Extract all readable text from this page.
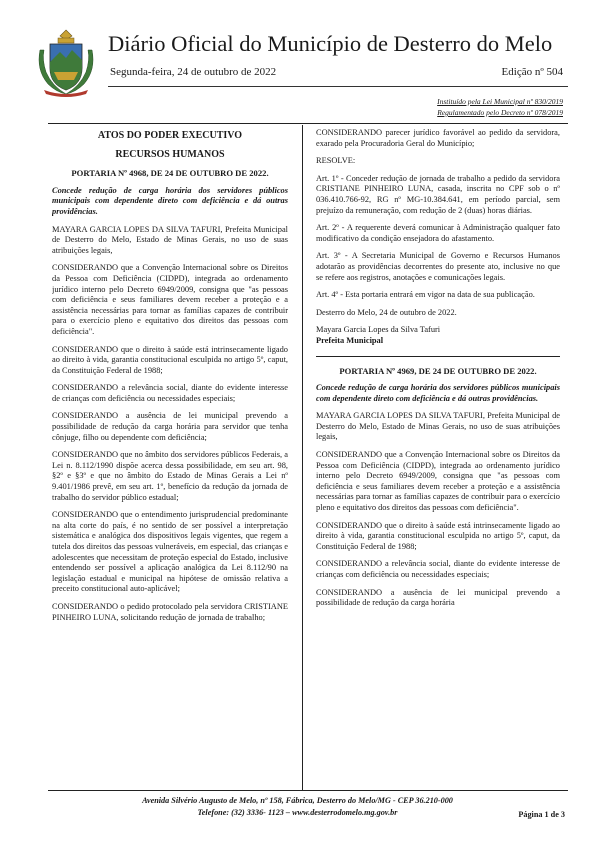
Diário Oficial do Município de Desterro do Melo
Segunda-feira, 24 de outubro de 2022	Edição nº 504
Instituído pela Lei Municipal nº 830/2019
Regulamentado pelo Decreto nº 078/2019
ATOS DO PODER EXECUTIVO
RECURSOS HUMANOS
PORTARIA Nº 4968, DE 24 DE OUTUBRO DE 2022.
Concede redução de carga horária dos servidores públicos municipais com dependente direto com deficiência e dá outras providências.

MAYARA GARCIA LOPES DA SILVA TAFURI, Prefeita Municipal de Desterro do Melo, Estado de Minas Gerais, no uso de suas atribuições legais,

CONSIDERANDO que a Convenção Internacional sobre os Direitos da Pessoa com Deficiência (CIDPD), integrada ao ordenamento jurídico interno pelo Decreto 6949/2009, consigna que "as pessoas com deficiência e seus familiares devem receber a proteção e a assistência necessárias para tornar as famílias capazes de contribuir para o exercício pleno e equitativo dos direitos das pessoas com deficiência".

CONSIDERANDO que o direito à saúde está intrinsecamente ligado ao direito à vida, garantia constitucional esculpida no artigo 5º, caput, da Constituição Federal de 1988;

CONSIDERANDO a relevância social, diante do evidente interesse de crianças com deficiência ou necessidades especiais;

CONSIDERANDO a ausência de lei municipal prevendo a possibilidade de redução da carga horária para servidor que tenha cônjuge, filho ou dependente com deficiência;

CONSIDERANDO que no âmbito dos servidores públicos Federais, a Lei n. 8.112/1990 dispõe acerca dessa possibilidade, em seu art. 98, §2º e §3º e que no âmbito do Estado de Minas Gerais a Lei nº 9.401/1986 prevê, em seu art. 1º, benefício da redução da jornada de trabalho do servidor público estadual;

CONSIDERANDO que o entendimento jurisprudencial predominante na alta corte do país, é no sentido de ser possível a interpretação sistemática e analógica dos dispositivos legais vigentes, que regem a tutela dos direitos das pessoas vulneráveis, em especial, das crianças e adolescentes que necessitam de proteção especial do Estado, inclusive entendendo ser possível a aplicação analógica da Lei 8.112/90 na legislação estadual e municipal na hipótese de omissão relativa a preceito constitucional auto-aplicável;

CONSIDERANDO o pedido protocolado pela servidora CRISTIANE PINHEIRO LUNA, solicitando redução de jornada de trabalho;

CONSIDERANDO parecer jurídico favorável ao pedido da servidora, exarado pela Procuradoria Geral do Município;

RESOLVE:

Art. 1º - Conceder redução de jornada de trabalho a pedido da servidora CRISTIANE PINHEIRO LUNA, casada, inscrita no CPF sob o nº 036.410.766-92, RG nº MG-10.384.641, em período parcial, sem prejuízo da remuneração, com redução de 2 (duas) horas diárias.

Art. 2º - A requerente deverá comunicar à Administração qualquer fato modificativo da condição ensejadora do afastamento.

Art. 3º - A Secretaria Municipal de Governo e Recursos Humanos adotarão as providências decorrentes do presente ato, inclusive no que se refere aos registros, anotações e comunicações legais.

Art. 4º - Esta portaria entrará em vigor na data de sua publicação.

Desterro do Melo, 24 de outubro de 2022.

Mayara Garcia Lopes da Silva Tafuri

Prefeita Municipal

PORTARIA Nº 4969, DE 24 DE OUTUBRO DE 2022.
Concede redução de carga horária dos servidores públicos municipais com dependente direto com deficiência e dá outras providências.

MAYARA GARCIA LOPES DA SILVA TAFURI, Prefeita Municipal de Desterro do Melo, Estado de Minas Gerais, no uso de suas atribuições legais,

CONSIDERANDO que a Convenção Internacional sobre os Direitos da Pessoa com Deficiência (CIDPD), integrada ao ordenamento jurídico interno pelo Decreto 6949/2009, consigna que "as pessoas com deficiência e seus familiares devem receber a proteção e a assistência necessárias para tornar as famílias capazes de contribuir para o exercício pleno e equitativo dos direitos das pessoas com deficiência".

CONSIDERANDO que o direito à saúde está intrinsecamente ligado ao direito à vida, garantia constitucional esculpida no artigo 5º, caput, da Constituição Federal de 1988;

CONSIDERANDO a relevância social, diante do evidente interesse de crianças com deficiência ou necessidades especiais;

CONSIDERANDO a ausência de lei municipal prevendo a possibilidade de redução da carga horária

Avenida Silvério Augusto de Melo, nº 158, Fábrica, Desterro do Melo/MG - CEP 36.210-000
Telefone: (32) 3336- 1123 – www.desterrodomelo.mg.gov.br	Página 1 de 3
